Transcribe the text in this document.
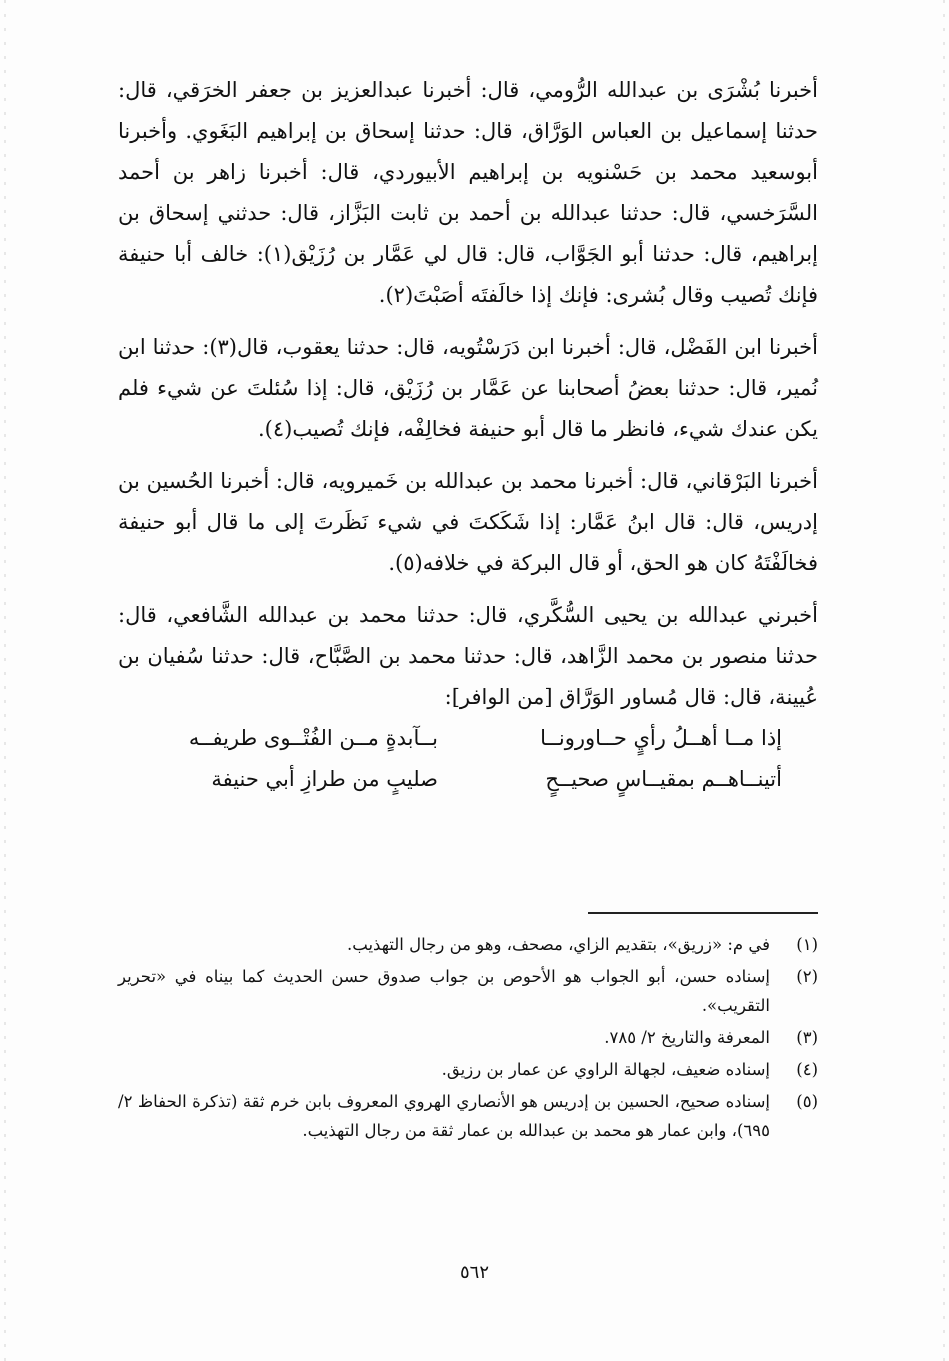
أخبرنا بُشْرَى بن عبدالله الرُّومي، قال: أخبرنا عبدالعزيز بن جعفر الخرَقي، قال: حدثنا إسماعيل بن العباس الوَرَّاق، قال: حدثنا إسحاق بن إبراهيم البَغَوي. وأخبرنا أبوسعيد محمد بن حَسْنويه بن إبراهيم الأبيوردي، قال: أخبرنا زاهر بن أحمد السَّرَخسي، قال: حدثنا عبدالله بن أحمد بن ثابت البَزَّاز، قال: حدثني إسحاق بن إبراهيم، قال: حدثنا أبو الجَوَّاب، قال: قال لي عَمَّار بن رُزَيْق(١): خالف أبا حنيفة فإنك تُصيب وقال بُشرى: فإنك إذا خالَفتَه أصَبْتَ(٢).

أخبرنا ابن الفَضْل، قال: أخبرنا ابن دَرَسْتُويه، قال: حدثنا يعقوب، قال(٣): حدثنا ابن نُمير، قال: حدثنا بعضُ أصحابنا عن عَمَّار بن رُزَيْق، قال: إذا سُئلتَ عن شيء فلم يكن عندك شيء، فانظر ما قال أبو حنيفة فخالِفْه، فإنك تُصيب(٤).

أخبرنا البَرْقاني، قال: أخبرنا محمد بن عبدالله بن خَميرويه، قال: أخبرنا الحُسين بن إدريس، قال: قال ابنُ عَمَّار: إذا شَكَكتَ في شيء نَظَرتَ إلى ما قال أبو حنيفة فخالَفْتَهُ كان هو الحق، أو قال البركة في خلافه(٥).

أخبرني عبدالله بن يحيى السُّكَّري، قال: حدثنا محمد بن عبدالله الشَّافعي، قال: حدثنا منصور بن محمد الزَّاهد، قال: حدثنا محمد بن الصَّبَّاح، قال: حدثنا سُفيان بن عُيينة، قال: قال مُساور الوَرَّاق [من الوافر]:

إذا مــا أهــلُ رأيٍ حــاورونــا
بــآبدةٍ مــن الفُتْــوى طريفــه
أتينــاهــم بمقيــاسٍ صحيــحٍ
صليبٍ من طرازِ أبي حنيفة
(١)
في م: «زريق»، بتقديم الزاي، مصحف، وهو من رجال التهذيب.
(٢)
إسناده حسن، أبو الجواب هو الأحوص بن جواب صدوق حسن الحديث كما بيناه في «تحرير التقريب».
(٣)
المعرفة والتاريخ ٢/ ٧٨٥.
(٤)
إسناده ضعيف، لجهالة الراوي عن عمار بن رزيق.
(٥)
إسناده صحيح، الحسين بن إدريس هو الأنصاري الهروي المعروف بابن خرم ثقة (تذكرة الحفاظ ٢/ ٦٩٥)، وابن عمار هو محمد بن عبدالله بن عمار ثقة من رجال التهذيب.
٥٦٢
